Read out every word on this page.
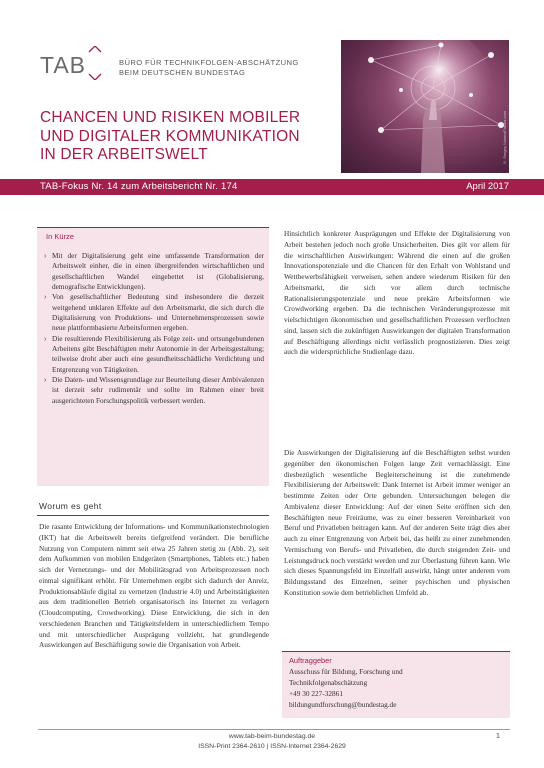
TAB	BÜRO FÜR TECHNIKFOLGEN-ABSCHÄTZUNG
BEIM DEUTSCHEN BUNDESTAG
CHANCEN UND RISIKEN MOBILER
UND DIGITALER KOMMUNIKATION
IN DER ARBEITSWELT	© Sergey Nivens/Fotolia.com
TAB-Fokus Nr. 14 zum Arbeitsbericht Nr. 174	April 2017
In Kürze
› Mit der Digitalisierung geht eine umfassende Transformation der Arbeitswelt einher, die in einen übergreifenden wirtschaftlichen und gesellschaftlichen Wandel eingebettet ist (Globalisierung, demografische Entwicklungen).
› Von gesellschaftlicher Bedeutung sind insbesondere die derzeit weitgehend unklaren Effekte auf den Arbeitsmarkt, die sich durch die Digitalisierung von Produktions- und Unternehmensprozessen sowie neue plattformbasierte Arbeitsformen ergeben.
› Die resultierende Flexibilisierung als Folge zeit- und ortsungebundenen Arbeitens gibt Beschäftigten mehr Autonomie in der Arbeitsgestaltung; teilweise droht aber auch eine gesundheitsschädliche Verdichtung und Entgrenzung von Tätigkeiten.
› Die Daten- und Wissensgrundlage zur Beurteilung dieser Ambivalenzen ist derzeit sehr rudimentär und sollte im Rahmen einer breit ausgerichteten Forschungspolitik verbessert werden.
Worum es geht

Die rasante Entwicklung der Informations- und Kommunikationstechnologien (IKT) hat die Arbeitswelt bereits tiefgreifend verändert. Die berufliche Nutzung von Computern nimmt seit etwa 25 Jahren stetig zu (Abb. 2), seit dem Aufkommen von mobilen Endgeräten (Smartphones, Tablets etc.) haben sich der Vernetzungs- und der Mobilitätsgrad von Arbeitsprozessen noch einmal signifikant erhöht. Für Unternehmen ergibt sich dadurch der Anreiz, Produktionsabläufe digital zu vernetzen (Industrie 4.0) und Arbeitstätigkeiten aus dem traditionellen Betrieb organisatorisch ins Internet zu verlagern (Cloudcomputing, Crowdworking). Diese Entwicklung, die sich in den verschiedenen Branchen und Tätigkeitsfeldern in unterschiedlichem Tempo und mit unterschiedlicher Ausprägung vollzieht, hat grundlegende Auswirkungen auf Beschäftigung sowie die Organisation von Arbeit.

Hinsichtlich konkreter Ausprägungen und Effekte der Digitalisierung von Arbeit bestehen jedoch noch große Unsicherheiten. Dies gilt vor allem für die wirtschaftlichen Auswirkungen: Während die einen auf die großen Innovationspotenziale und die Chancen für den Erhalt von Wohlstand und Wettbewerbsfähigkeit verweisen, sehen andere wiederum Risiken für den Arbeitsmarkt, die sich vor allem durch technische Rationalisierungspotenziale und neue prekäre Arbeitsformen wie Crowdworking ergeben. Da die technischen Veränderungsprozesse mit vielschichtigen ökonomischen und gesellschaftlichen Prozessen verflochten sind, lassen sich die zukünftigen Auswirkungen der digitalen Transformation auf Beschäftigung allerdings nicht verlässlich prognostizieren. Dies zeigt auch die widersprüchliche Studienlage dazu.

Die Auswirkungen der Digitalisierung auf die Beschäftigten selbst wurden gegenüber den ökonomischen Folgen lange Zeit vernachlässigt. Eine diesbezüglich wesentliche Begleiterscheinung ist die zunehmende Flexibilisierung der Arbeitswelt: Dank Internet ist Arbeit immer weniger an bestimmte Zeiten oder Orte gebunden. Untersuchungen belegen die Ambivalenz dieser Entwicklung: Auf der einen Seite eröffnen sich den Beschäftigten neue Freiräume, was zu einer besseren Vereinbarkeit von Beruf und Privatleben beitragen kann. Auf der anderen Seite trägt dies aber auch zu einer Entgrenzung von Arbeit bei, das heißt zu einer zunehmenden Vermischung von Berufs- und Privatleben, die durch steigenden Zeit- und Leistungsdruck noch verstärkt werden und zur Überlastung führen kann. Wie sich dieses Spannungsfeld im Einzelfall auswirkt, hängt unter anderem vom Bildungsstand des Einzelnen, seiner psychischen und physischen Konstitution sowie dem betrieblichen Umfeld ab.

Auftraggeber
Ausschuss für Bildung, Forschung und
Technikfolgenabschätzung
+49 30 227-32861
bildungundforschung@bundestag.de
www.tab-beim-bundestag.de
ISSN-Print 2364-2610 | ISSN-Internet 2364-2629
1
